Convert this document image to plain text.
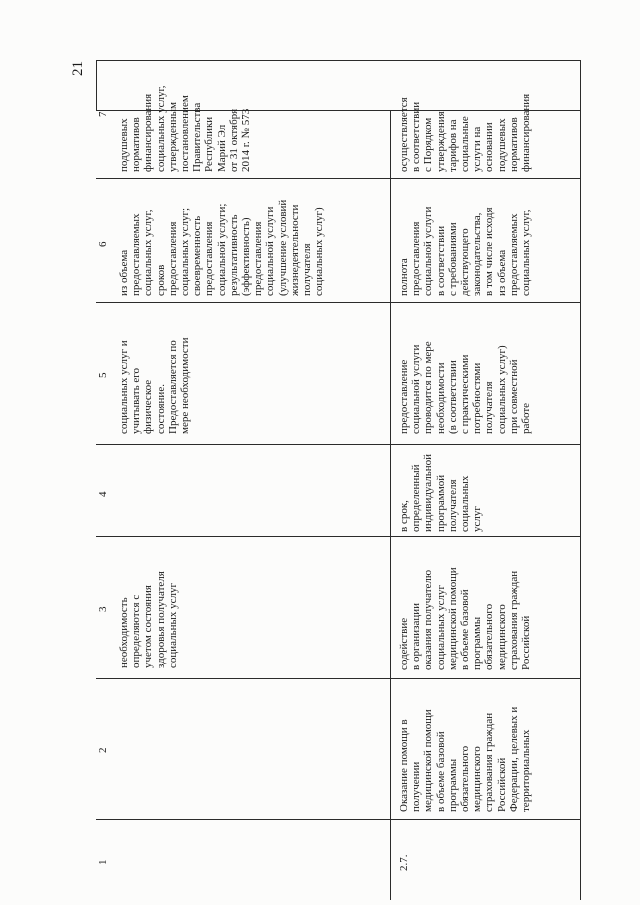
21
1
2
3
4
5
6
7
необходимость определяются с учетом состояния здоровья получателя социальных услуг
социальных услуг и учитывать его физическое состояние. Предоставляется по мере необходимости
из объема предоставляемых социальных услуг, сроков предоставления социальных услуг; своевременность предоставления социальной услуги; результативность (эффективность) предоставления социальной услуги (улучшение условий жизнедеятельности получателя социальных услуг)
подушевых нормативов финансирования социальных услуг, утвержденным постановлением Правительства Республики Марий Эл от 31 октября 2014 г. № 573
2.7.
Оказание помощи в получении медицинской помощи в объеме базовой программы обязательного медицинского страхования граждан Российской Федерации, целевых и территориальных
содействие в организации оказания получателю социальных услуг медицинской помощи в объеме базовой программы обязательного медицинского страхования граждан Российской
в срок, определенный индивидуальной программой получателя социальных услуг
предоставление социальной услуги проводится по мере необходимости (в соответствии с практическими потребностями получателя социальных услуг) при совместной работе
полнота предоставления социальной услуги в соответствии с требованиями действующего законодательства, в том числе исходя из объема предоставляемых социальных услуг,
осуществляется в соответствии с Порядком утверждения тарифов на социальные услуги на основании подушевых нормативов финансирования
